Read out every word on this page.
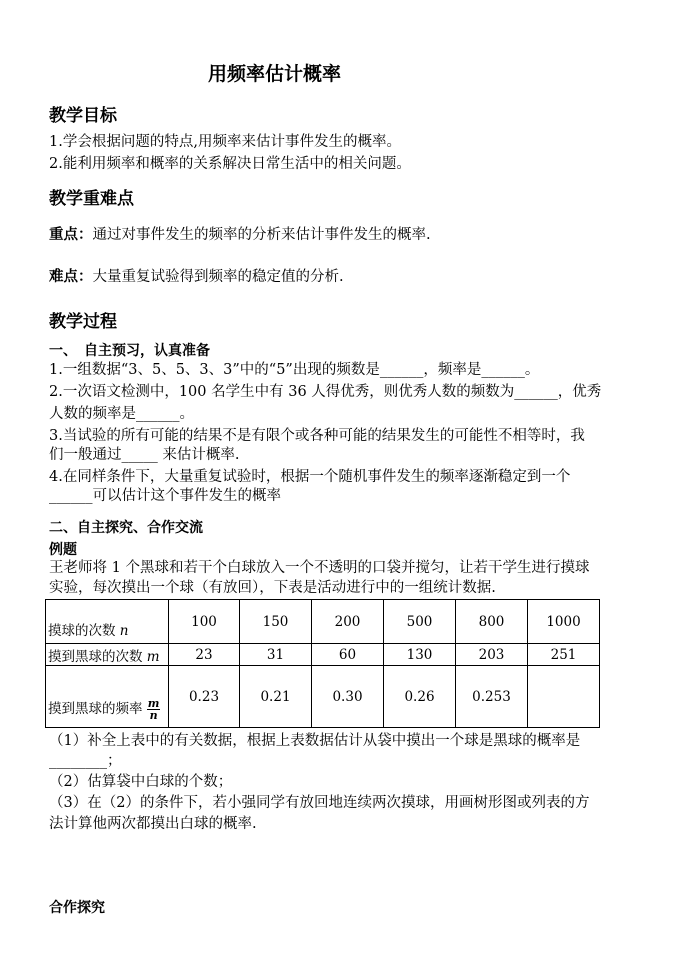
用频率估计概率
教学目标
1.学会根据问题的特点,用频率来估计事件发生的概率。
2.能利用频率和概率的关系解决日常生活中的相关问题。
教学重难点
重点：通过对事件发生的频率的分析来估计事件发生的概率.
难点：大量重复试验得到频率的稳定值的分析.
教学过程
一、　自主预习，认真准备
1.一组数据“3、5、5、3、3”中的“5”出现的频数是______，频率是______。
2.一次语文检测中，100 名学生中有 36 人得优秀，则优秀人数的频数为______，优秀
人数的频率是______。
3.当试验的所有可能的结果不是有限个或各种可能的结果发生的可能性不相等时，我
们一般通过_____ 来估计概率.
4.在同样条件下，大量重复试验时，根据一个随机事件发生的频率逐渐稳定到一个
______可以估计这个事件发生的概率
二、自主探究、合作交流
例题
王老师将 1 个黑球和若干个白球放入一个不透明的口袋并搅匀，让若干学生进行摸球
实验，每次摸出一个球（有放回），下表是活动进行中的一组统计数据.
摸球的次数 n	100	150	200	500	800	1000
摸到黑球的次数 m	23	31	60	130	203	251
摸到黑球的频率 $\frac{m}{n}$	0.23	0.21	0.30	0.26	0.253	
（1）补全上表中的有关数据，根据上表数据估计从袋中摸出一个球是黑球的概率是
________；
（2）估算袋中白球的个数；
（3）在（2）的条件下，若小强同学有放回地连续两次摸球，用画树形图或列表的方
法计算他两次都摸出白球的概率.
合作探究
